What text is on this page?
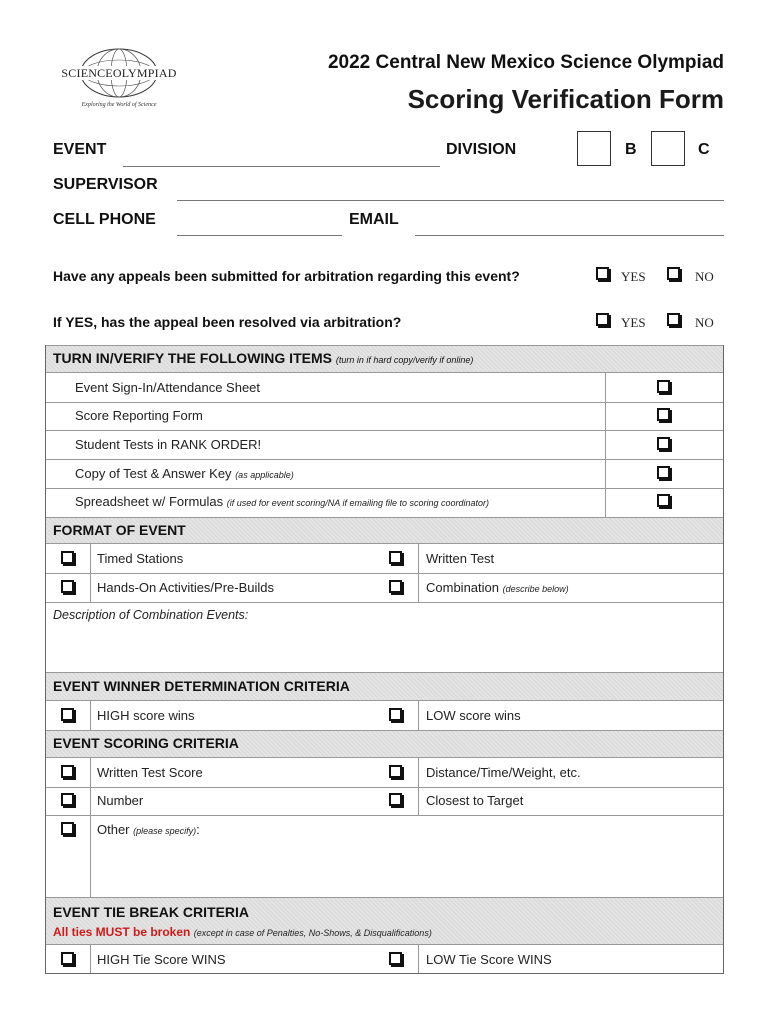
SCIENCEOLYMPIAD
Exploring the World of Science
2022 Central New Mexico Science Olympiad
Scoring Verification Form
EVENT	DIVISION	B	C
SUPERVISOR
CELL PHONE	EMAIL
Have any appeals been submitted for arbitration regarding this event?	YES	NO
If YES, has the appeal been resolved via arbitration?	YES	NO
TURN IN/VERIFY THE FOLLOWING ITEMS (turn in if hard copy/verify if online)
Event Sign-In/Attendance Sheet
Score Reporting Form
Student Tests in RANK ORDER!
Copy of Test & Answer Key (as applicable)
Spreadsheet w/ Formulas (if used for event scoring/NA if emailing file to scoring coordinator)
FORMAT OF EVENT
Timed Stations	Written Test
Hands-On Activities/Pre-Builds	Combination (describe below)
Description of Combination Events:
EVENT WINNER DETERMINATION CRITERIA
HIGH score wins	LOW score wins
EVENT SCORING CRITERIA
Written Test Score	Distance/Time/Weight, etc.
Number	Closest to Target
Other (please specify):
EVENT TIE BREAK CRITERIA
All ties MUST be broken (except in case of Penalties, No-Shows, & Disqualifications)
HIGH Tie Score WINS	LOW Tie Score WINS
